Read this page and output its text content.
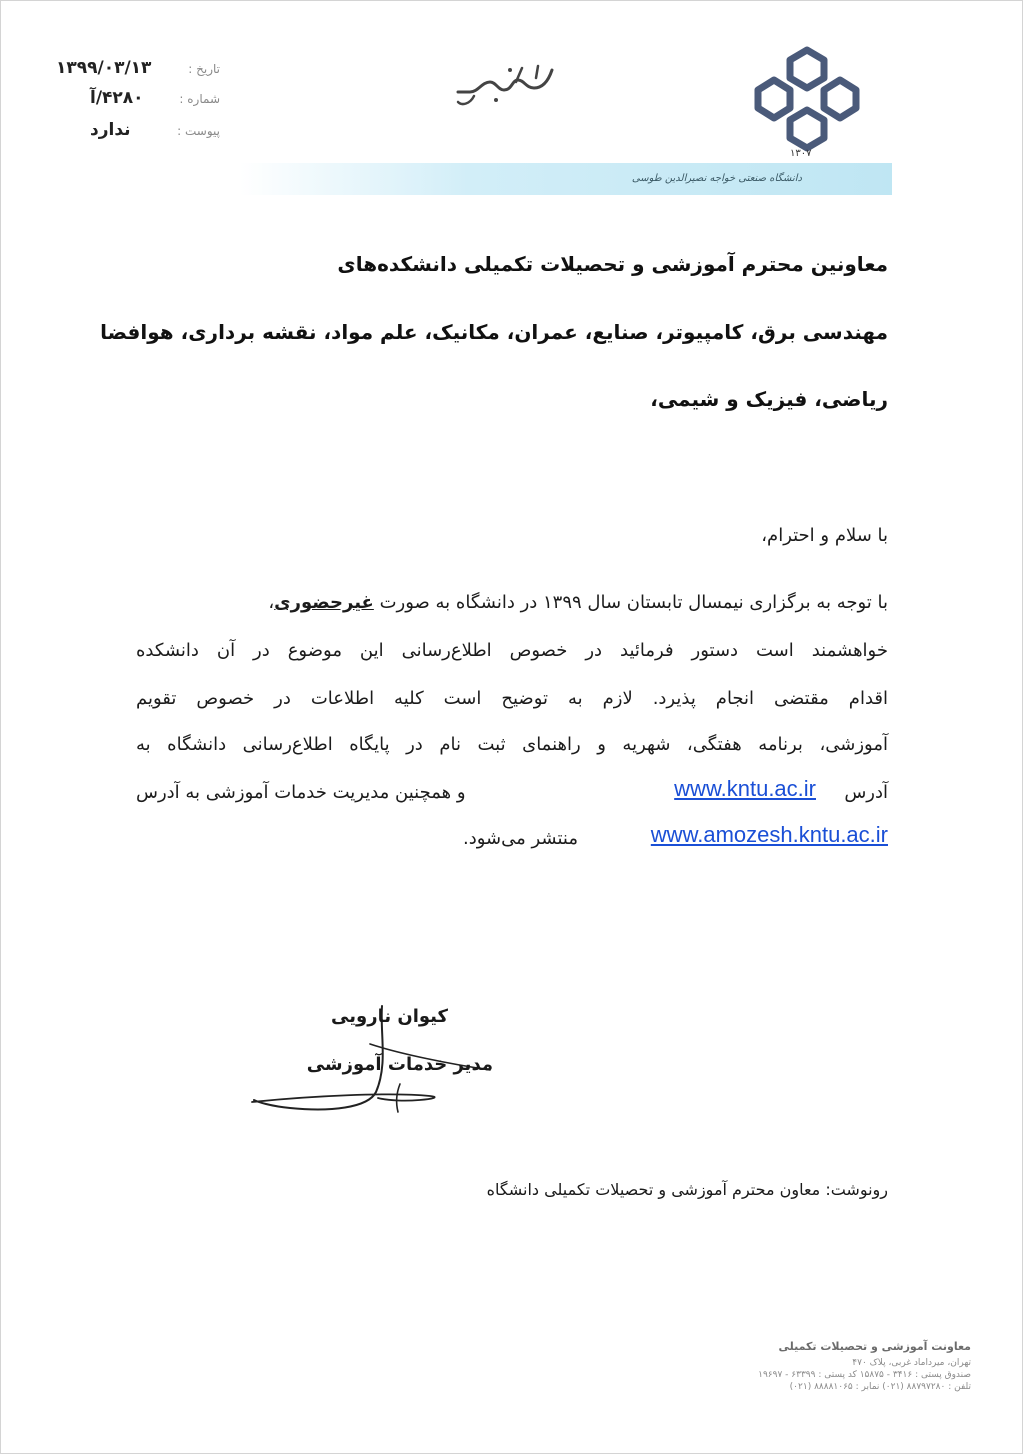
تاریخ :
۱۳۹۹/۰۳/۱۳
شماره :
۴۲۸۰/آ
پیوست :
ندارد
۱۳۰۷
دانشگاه صنعتی خواجه نصیرالدین طوسی
معاونین محترم آموزشی و تحصیلات تکمیلی دانشکده‌های
مهندسی برق، کامپیوتر، صنایع، عمران، مکانیک، علم مواد، نقشه برداری، هوافضا
ریاضی، فیزیک و شیمی،
با سلام و احترام،
با توجه به برگزاری نیمسال تابستان سال ۱۳۹۹ در دانشگاه به صورت غیرحضوری،
خواهشمند است دستور فرمائید در خصوص اطلاع‌رسانی این موضوع در آن دانشکده
اقدام مقتضی انجام پذیرد. لازم به توضیح است کلیه اطلاعات در خصوص تقویم
آموزشی، برنامه هفتگی، شهریه و راهنمای ثبت نام در پایگاه اطلاع‌رسانی دانشگاه به
آدرس
www.kntu.ac.ir
و همچنین مدیریت خدمات آموزشی به آدرس
www.amozesh.kntu.ac.ir
منتشر می‌شود.
کیوان نارویی
مدیر خدمات آموزشی
رونوشت: معاون محترم آموزشی و تحصیلات تکمیلی دانشگاه
معاونت آموزشی و تحصیلات تکمیلی
تهران، میرداماد غربی، پلاک ۴۷۰
صندوق پستی : ۳۴۱۶ - ۱۵۸۷۵ کد پستی : ۶۳۳۹۹ - ۱۹۶۹۷
تلفن : ۸۸۷۹۷۲۸۰ (۰۲۱) نمابر : ۸۸۸۸۱۰۶۵ (۰۲۱)
